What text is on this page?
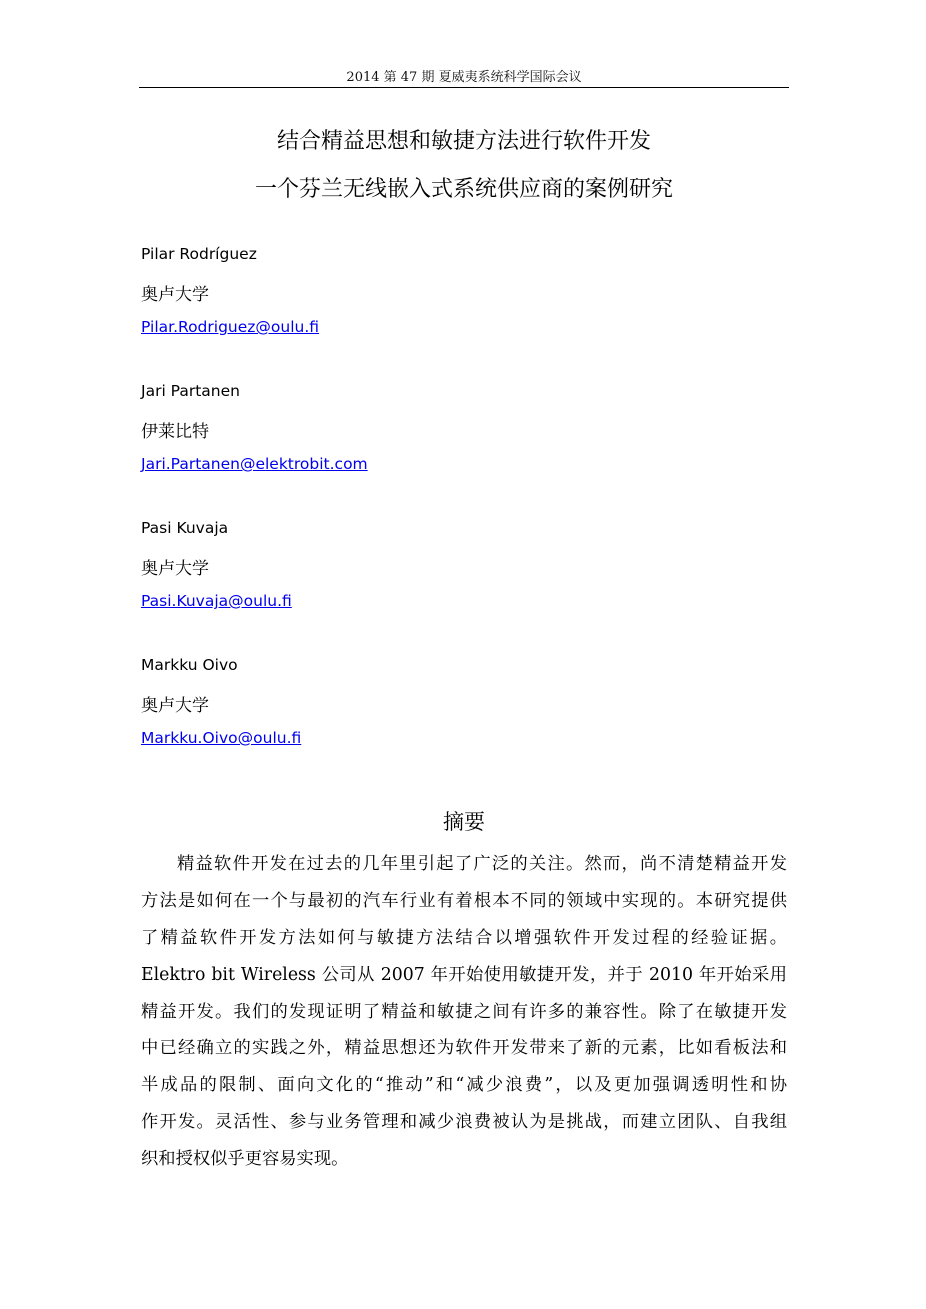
2014 第 47 期 夏威夷系统科学国际会议
结合精益思想和敏捷方法进行软件开发
一个芬兰无线嵌入式系统供应商的案例研究
Pilar Rodríguez
奥卢大学
Pilar.Rodriguez@oulu.fi
Jari Partanen
伊莱比特
Jari.Partanen@elektrobit.com
Pasi Kuvaja
奥卢大学
Pasi.Kuvaja@oulu.fi
Markku Oivo
奥卢大学
Markku.Oivo@oulu.fi
摘要
精益软件开发在过去的几年里引起了广泛的关注。然而，尚不清楚精益开发
方法是如何在一个与最初的汽车行业有着根本不同的领域中实现的。本研究提供
了精益软件开发方法如何与敏捷方法结合以增强软件开发过程的经验证据。
Elektro bit Wireless 公司从 2007 年开始使用敏捷开发，并于 2010 年开始采用
精益开发。我们的发现证明了精益和敏捷之间有许多的兼容性。除了在敏捷开发
中已经确立的实践之外，精益思想还为软件开发带来了新的元素，比如看板法和
半成品的限制、面向文化的“推动”和“减少浪费”，以及更加强调透明性和协
作开发。灵活性、参与业务管理和减少浪费被认为是挑战，而建立团队、自我组
织和授权似乎更容易实现。
